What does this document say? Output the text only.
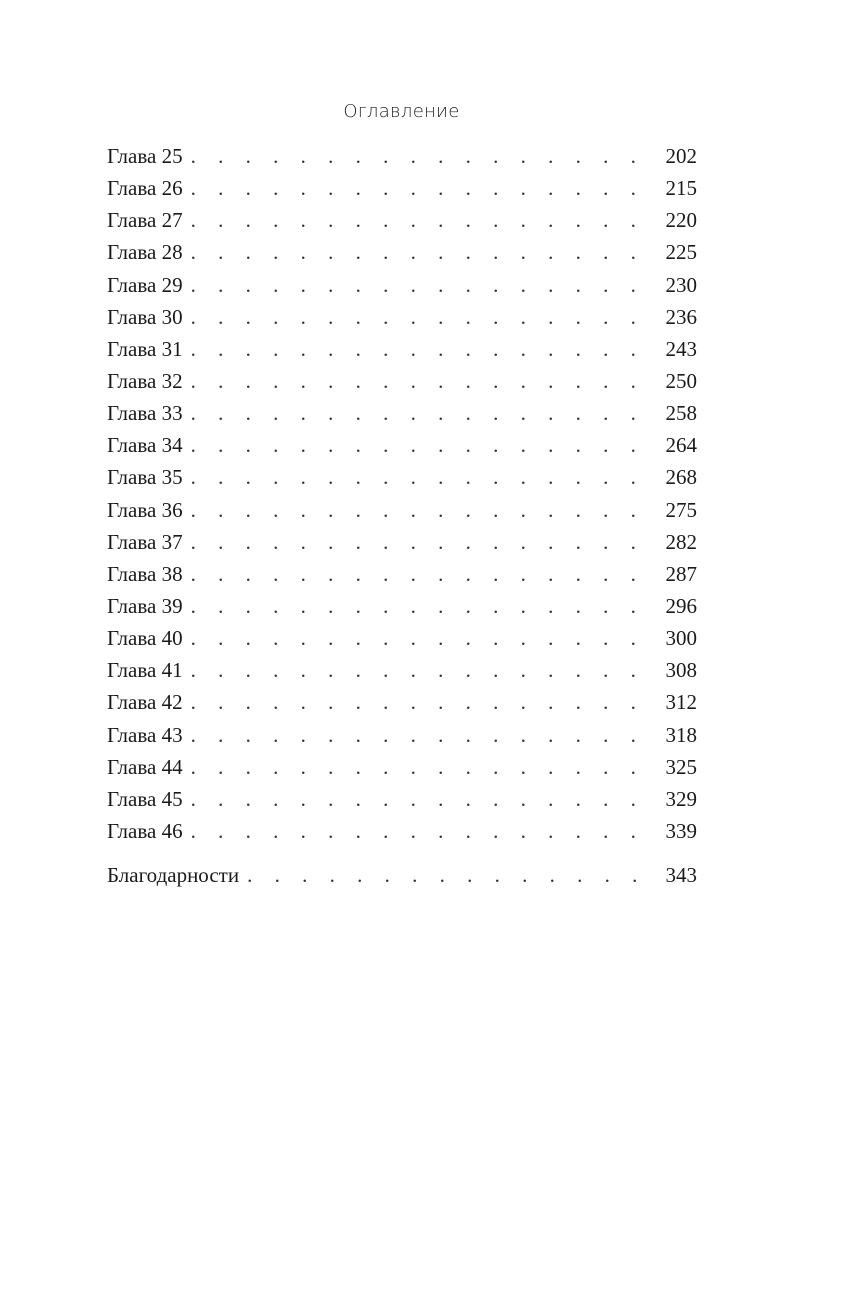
Оглавление
Глава 25 . . .	202
Глава 26 . . .	215
Глава 27 . . .	220
Глава 28 . . .	225
Глава 29 . . .	230
Глава 30 . . .	236
Глава 31 . . .	243
Глава 32 . . .	250
Глава 33 . . .	258
Глава 34 . . .	264
Глава 35 . . .	268
Глава 36 . . .	275
Глава 37 . . .	282
Глава 38 . . .	287
Глава 39 . . .	296
Глава 40 . . .	300
Глава 41 . . .	308
Глава 42 . . .	312
Глава 43 . . .	318
Глава 44 . . .	325
Глава 45 . . .	329
Глава 46 . . .	339
Благодарности . . .	343
